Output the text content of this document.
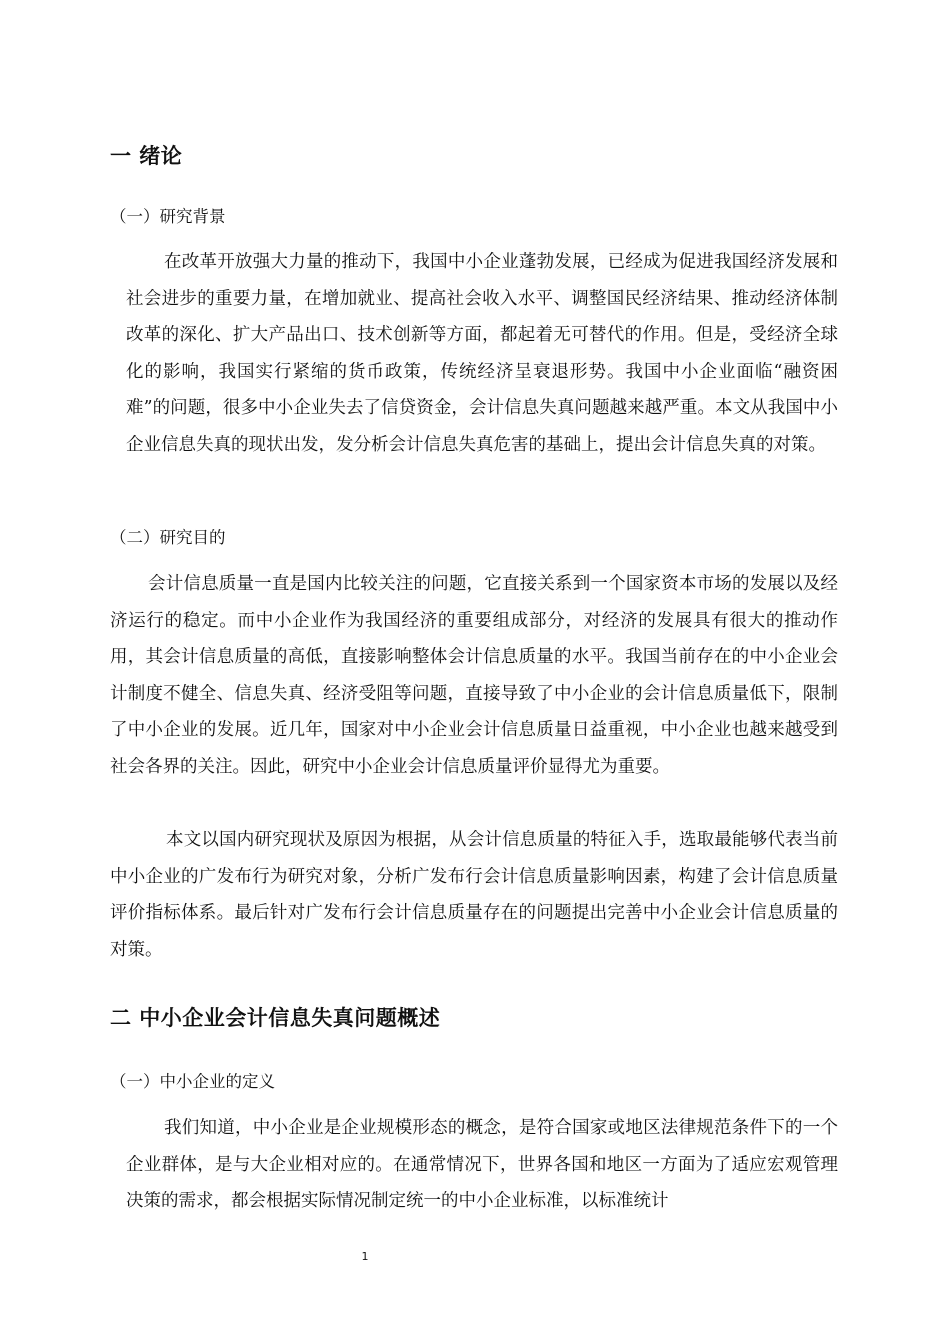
一 绪论
（一）研究背景

在改革开放强大力量的推动下，我国中小企业蓬勃发展，已经成为促进我国经济发展和社会进步的重要力量，在增加就业、提高社会收入水平、调整国民经济结果、推动经济体制改革的深化、扩大产品出口、技术创新等方面，都起着无可替代的作用。但是，受经济全球化的影响，我国实行紧缩的货币政策，传统经济呈衰退形势。我国中小企业面临“融资困难”的问题，很多中小企业失去了信贷资金，会计信息失真问题越来越严重。本文从我国中小企业信息失真的现状出发，发分析会计信息失真危害的基础上，提出会计信息失真的对策。

（二）研究目的

会计信息质量一直是国内比较关注的问题，它直接关系到一个国家资本市场的发展以及经济运行的稳定。而中小企业作为我国经济的重要组成部分，对经济的发展具有很大的推动作用，其会计信息质量的高低，直接影响整体会计信息质量的水平。我国当前存在的中小企业会计制度不健全、信息失真、经济受阻等问题，直接导致了中小企业的会计信息质量低下，限制了中小企业的发展。近几年，国家对中小企业会计信息质量日益重视，中小企业也越来越受到社会各界的关注。因此，研究中小企业会计信息质量评价显得尤为重要。

本文以国内研究现状及原因为根据，从会计信息质量的特征入手，选取最能够代表当前中小企业的广发布行为研究对象，分析广发布行会计信息质量影响因素，构建了会计信息质量评价指标体系。最后针对广发布行会计信息质量存在的问题提出完善中小企业会计信息质量的对策。

二 中小企业会计信息失真问题概述
（一）中小企业的定义

我们知道，中小企业是企业规模形态的概念，是符合国家或地区法律规范条件下的一个企业群体，是与大企业相对应的。在通常情况下，世界各国和地区一方面为了适应宏观管理决策的需求，都会根据实际情况制定统一的中小企业标准，以标准统计

1
